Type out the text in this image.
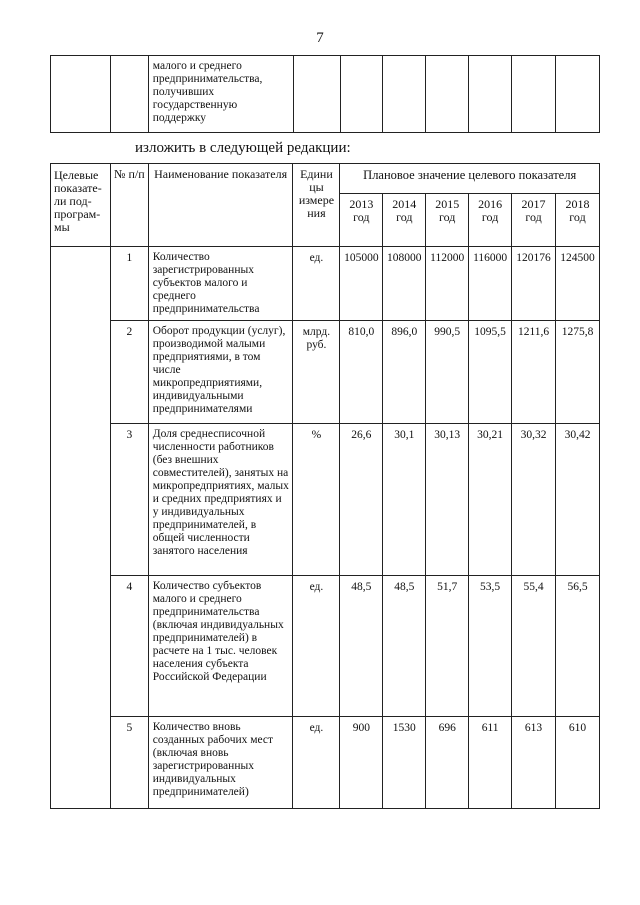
7
		малого и среднего предпринимательства, получивших государственную поддержку							
изложить в следующей редакции:
Целевые показате-ли под-програм-мы	№ п/п	Наименование показателя	Едини цы измере ния	Плановое значение целевого показателя					
				2013 год	2014 год	2015 год	2016 год	2017 год	2018 год
	1	Количество зарегистрированных субъектов малого и среднего предпринимательства	ед.	105000	108000	112000	116000	120176	124500
	2	Оборот продукции (услуг), производимой малыми предприятиями, в том числе микропредприятиями, индивидуальными предпринимателями	млрд. руб.	810,0	896,0	990,5	1095,5	1211,6	1275,8
	3	Доля среднесписочной численности работников (без внешних совместителей), занятых на микропредприятиях, малых и средних предприятиях и у индивидуальных предпринимателей, в общей численности занятого населения	%	26,6	30,1	30,13	30,21	30,32	30,42
	4	Количество субъектов малого и среднего предпринимательства (включая индивидуальных предпринимателей) в расчете на 1 тыс. человек населения субъекта Российской Федерации	ед.	48,5	48,5	51,7	53,5	55,4	56,5
	5	Количество вновь созданных рабочих мест (включая вновь зарегистрированных индивидуальных предпринимателей)	ед.	900	1530	696	611	613	610
